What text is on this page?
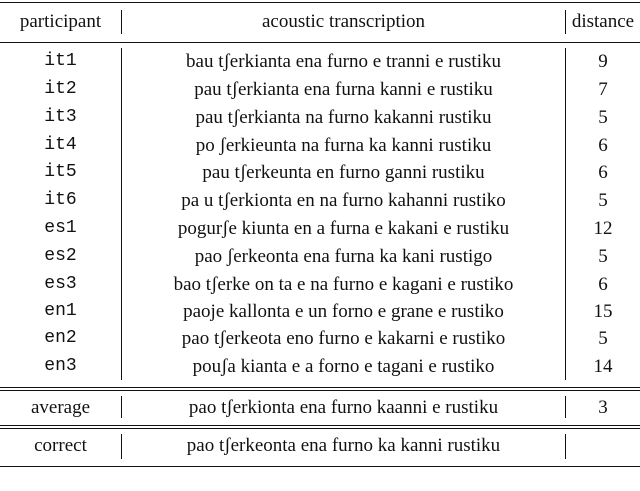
participant	acoustic transcription	distance
it1	bau tʃerkianta ena furno e tranni e rustiku	9
it2	pau tʃerkianta ena furna kanni e rustiku	7
it3	pau tʃerkianta na furno kakanni rustiku	5
it4	po ʃerkieunta na furna ka kanni rustiku	6
it5	pau tʃerkeunta en furno ganni rustiku	6
it6	pa u tʃerkionta en na furno kahanni rustiko	5
es1	pogurʃe kiunta en a furna e kakani e rustiku	12
es2	pao ʃerkeonta ena furna ka kani rustigo	5
es3	bao tʃerke on ta e na furno e kagani e rustiko	6
en1	paoje kallonta e un forno e grane e rustiko	15
en2	pao tʃerkeota eno furno e kakarni e rustiko	5
en3	pouʃa kianta e a forno e tagani e rustiko	14
average	pao tʃerkionta ena furno kaanni e rustiku	3
correct	pao tʃerkeonta ena furno ka kanni rustiku
